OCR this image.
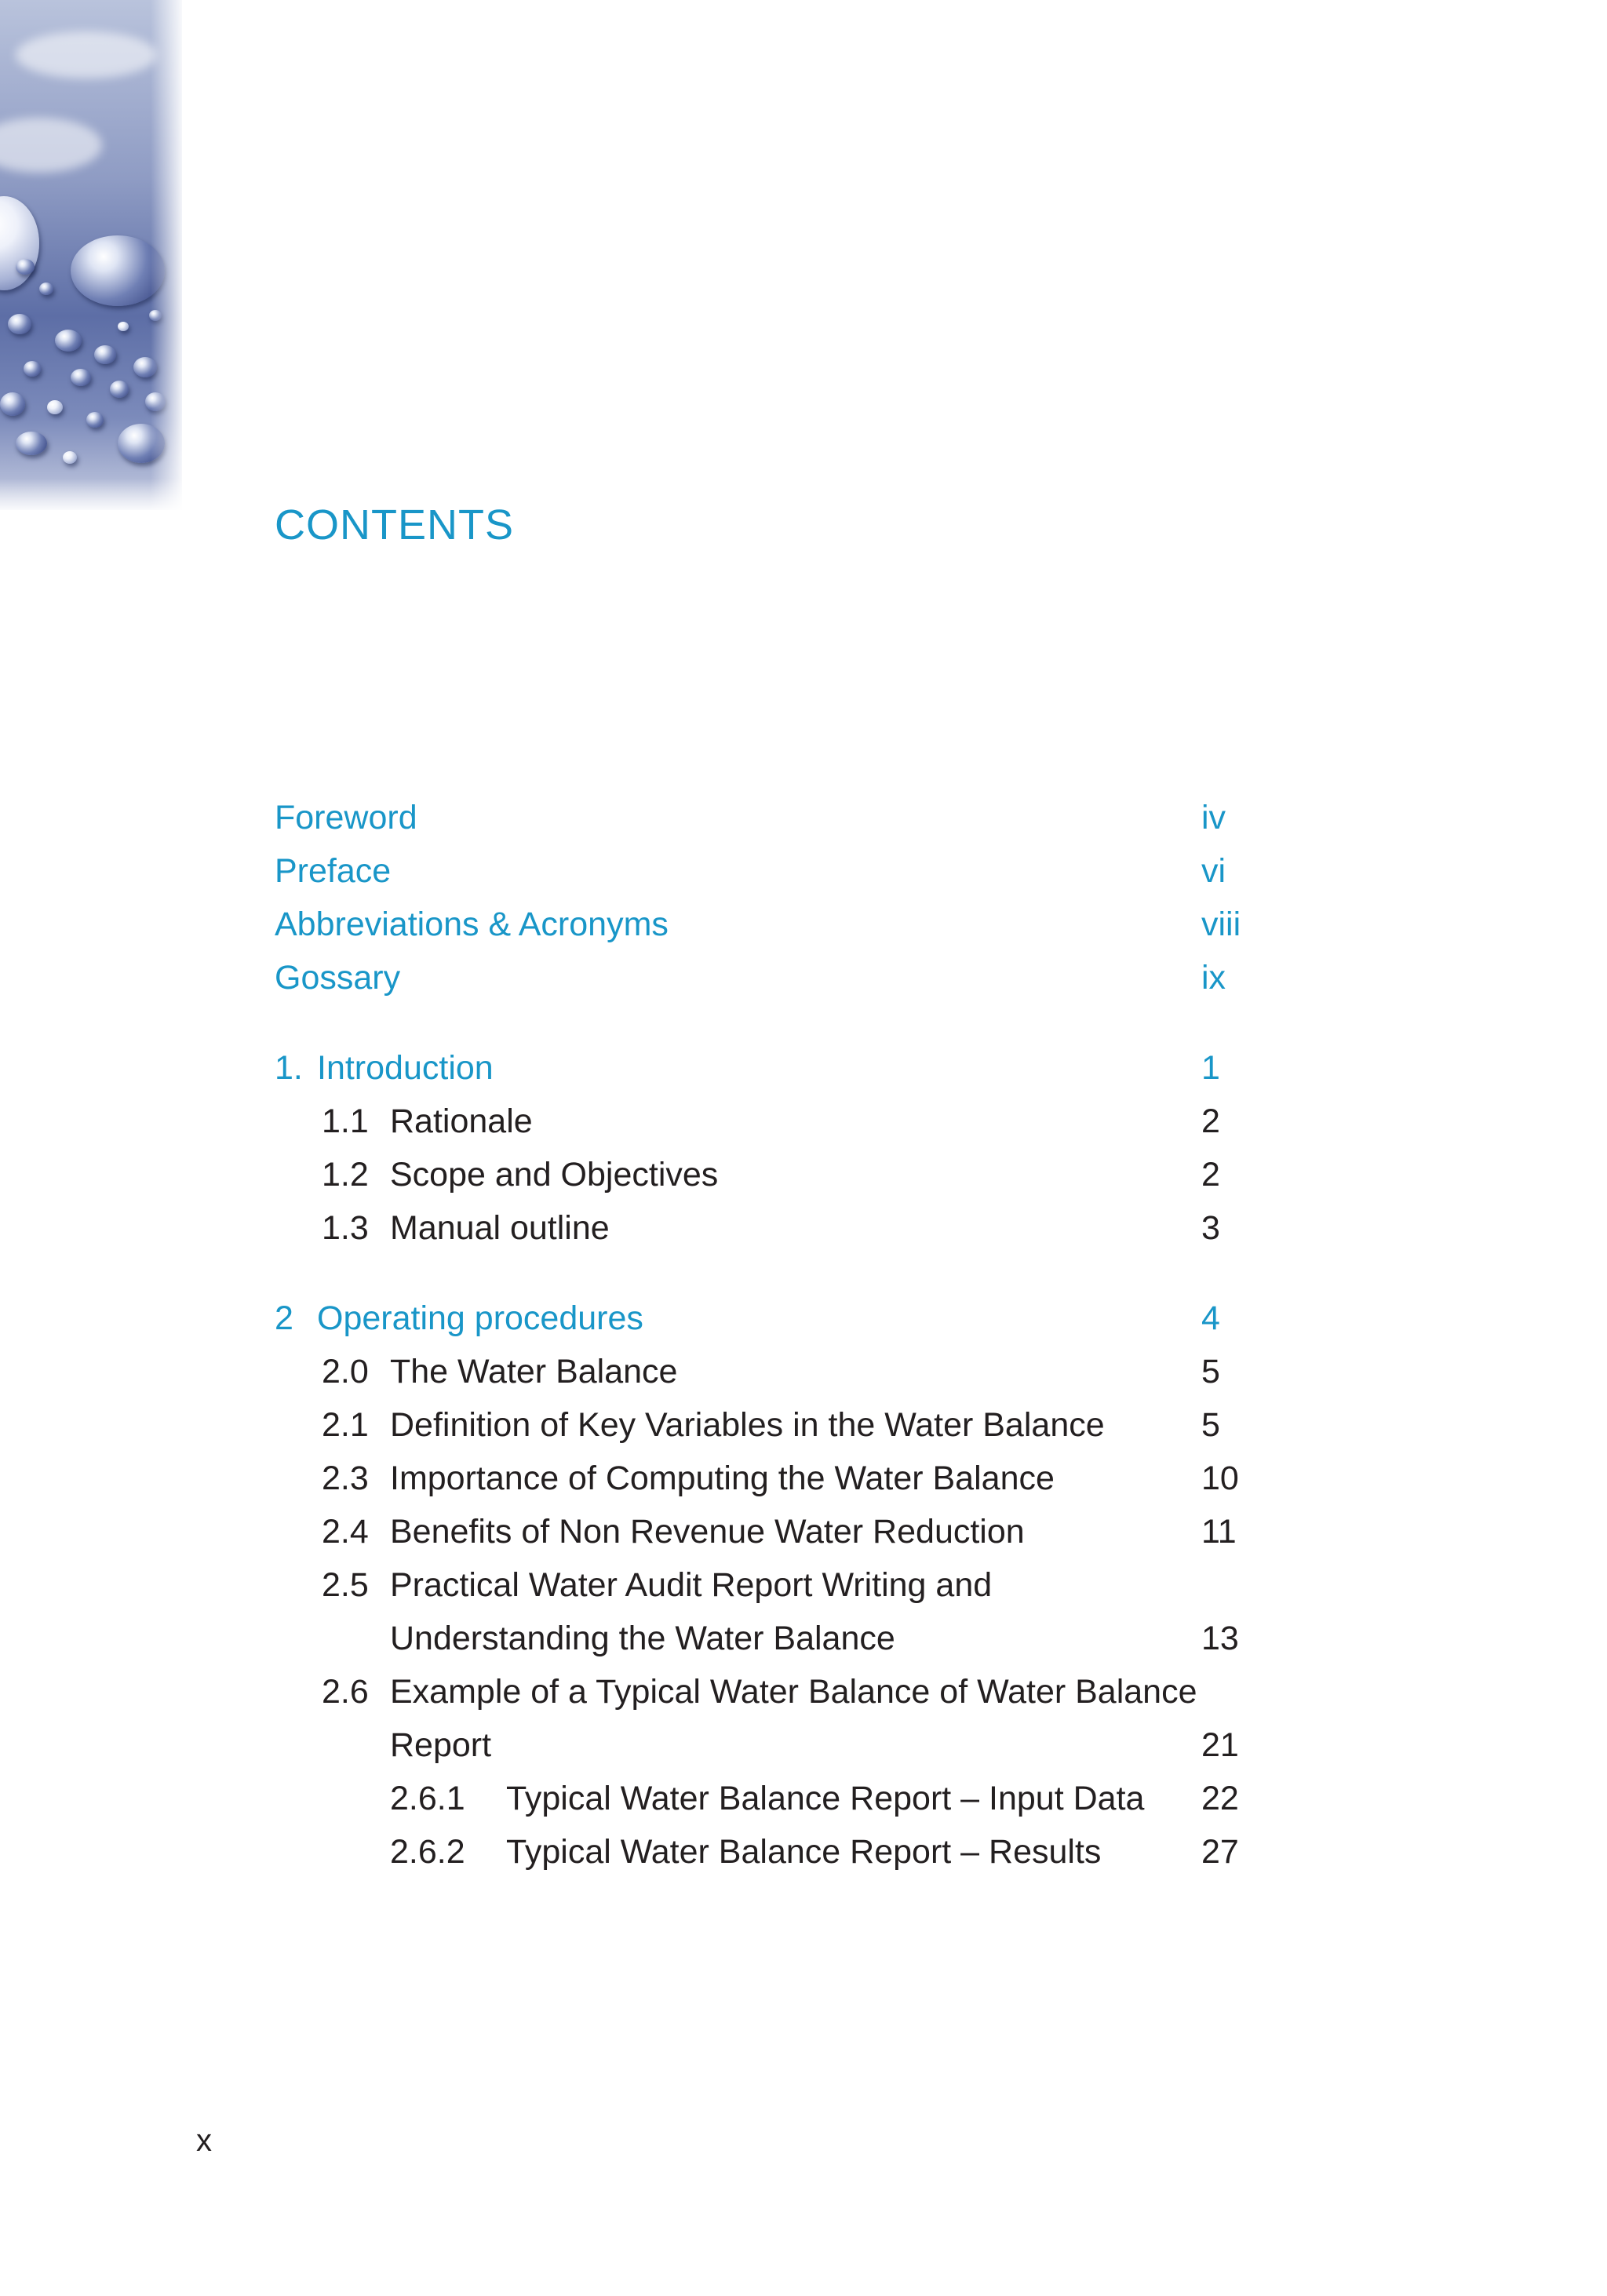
CONTENTS
Foreword	iv
Preface	vi
Abbreviations & Acronyms	viii
Gossary	ix
1. Introduction	1
1.1 Rationale	2
1.2 Scope and Objectives	2
1.3 Manual outline	3
2 Operating procedures	4
2.0 The Water Balance	5
2.1 Definition of Key Variables in the Water Balance	5
2.3 Importance of Computing the Water Balance	10
2.4 Benefits of Non Revenue Water Reduction	11
2.5 Practical Water Audit Report Writing and
Understanding the Water Balance	13
2.6 Example of a Typical Water Balance of Water Balance
Report	21
2.6.1 Typical Water Balance Report – Input Data 22
2.6.2 Typical Water Balance Report – Results	27
x
